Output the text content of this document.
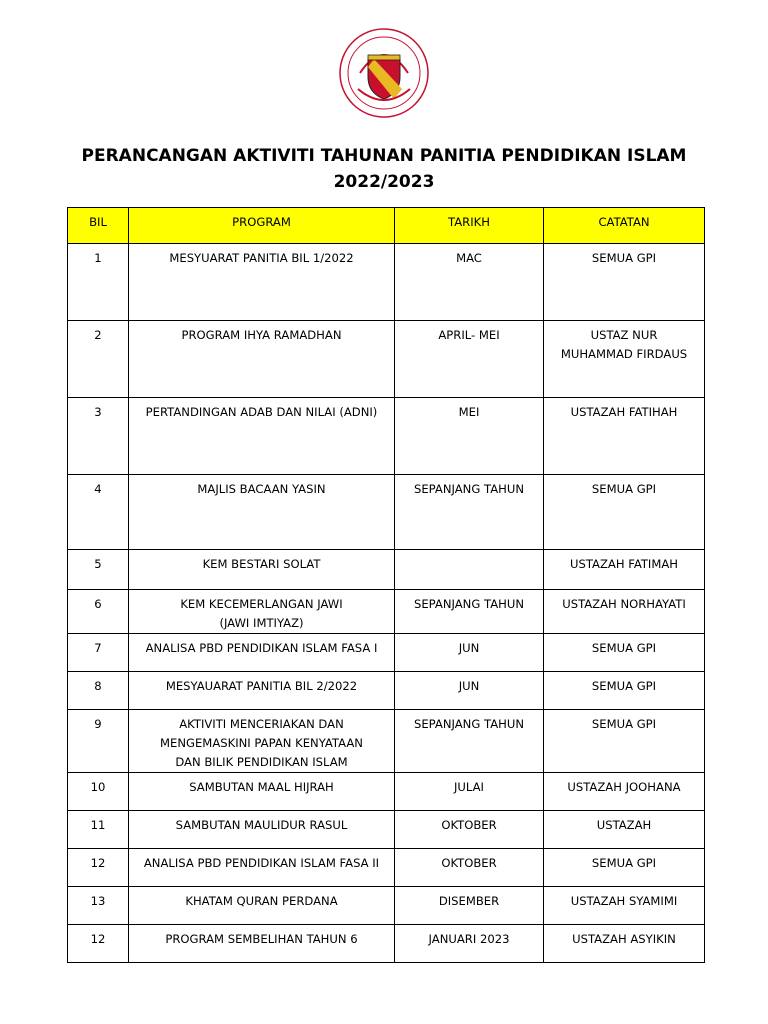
PERANCANGAN AKTIVITI TAHUNAN PANITIA PENDIDIKAN ISLAM
2022/2023
BIL	PROGRAM	TARIKH	CATATAN
1	MESYUARAT PANITIA BIL 1/2022	MAC	SEMUA GPI

2	PROGRAM IHYA RAMADHAN	APRIL- MEI	USTAZ NUR
MUHAMMAD FIRDAUS

3	PERTANDINGAN ADAB DAN NILAI (ADNI)	MEI	USTAZAH FATIHAH

4	MAJLIS BACAAN YASIN	SEPANJANG TAHUN	SEMUA GPI

5	KEM BESTARI SOLAT		USTAZAH FATIMAH

6	KEM KECEMERLANGAN JAWI
(JAWI IMTIYAZ)	SEPANJANG TAHUN	USTAZAH NORHAYATI

7	ANALISA PBD PENDIDIKAN ISLAM FASA I	JUN	SEMUA GPI

8	MESYAUARAT PANITIA BIL 2/2022	JUN	SEMUA GPI

9	AKTIVITI MENCERIAKAN DAN
MENGEMASKINI PAPAN KENYATAAN
DAN BILIK PENDIDIKAN ISLAM	SEPANJANG TAHUN	SEMUA GPI

10	SAMBUTAN MAAL HIJRAH	JULAI	USTAZAH JOOHANA

11	SAMBUTAN MAULIDUR RASUL	OKTOBER	USTAZAH

12	ANALISA PBD PENDIDIKAN ISLAM FASA II	OKTOBER	SEMUA GPI

13	KHATAM QURAN PERDANA	DISEMBER	USTAZAH SYAMIMI

12	PROGRAM SEMBELIHAN TAHUN 6	JANUARI 2023	USTAZAH ASYIKIN
